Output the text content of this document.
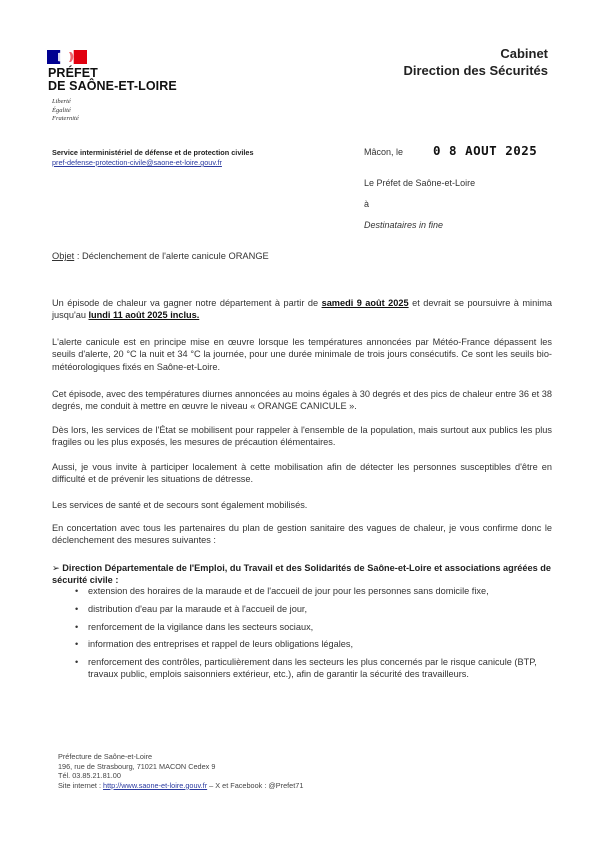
PRÉFET
DE SAÔNE-ET-LOIRE
Liberté
Égalité
Fraternité
Cabinet
Direction des Sécurités
Service interministériel de défense et de protection civiles
pref-defense-protection-civile@saone-et-loire.gouv.fr
Mâcon, le 0 8 AOUT 2025
Le Préfet de Saône-et-Loire
à
Destinataires in fine
Objet : Déclenchement de l'alerte canicule ORANGE
Un épisode de chaleur va gagner notre département à partir de samedi 9 août 2025 et devrait se poursuivre à minima jusqu'au lundi 11 août 2025 inclus.
L'alerte canicule est en principe mise en œuvre lorsque les températures annoncées par Météo-France dépassent les seuils d'alerte, 20 °C la nuit et 34 °C la journée, pour une durée minimale de trois jours consécutifs. Ce sont les seuils bio-météorologiques fixés en Saône-et-Loire.
Cet épisode, avec des températures diurnes annoncées au moins égales à 30 degrés et des pics de chaleur entre 36 et 38 degrés, me conduit à mettre en œuvre le niveau « ORANGE CANICULE ».
Dès lors, les services de l'État se mobilisent pour rappeler à l'ensemble de la population, mais surtout aux publics les plus fragiles ou les plus exposés, les mesures de précaution élémentaires.
Aussi, je vous invite à participer localement à cette mobilisation afin de détecter les personnes susceptibles d'être en difficulté et de prévenir les situations de détresse.
Les services de santé et de secours sont également mobilisés.
En concertation avec tous les partenaires du plan de gestion sanitaire des vagues de chaleur, je vous confirme donc le déclenchement des mesures suivantes :
➢ Direction Départementale de l'Emploi, du Travail et des Solidarités de Saône-et-Loire et associations agréées de sécurité civile :
• extension des horaires de la maraude et de l'accueil de jour pour les personnes sans domicile fixe,
• distribution d'eau par la maraude et à l'accueil de jour,
• renforcement de la vigilance dans les secteurs sociaux,
• information des entreprises et rappel de leurs obligations légales,
• renforcement des contrôles, particulièrement dans les secteurs les plus concernés par le risque canicule (BTP, travaux public, emplois saisonniers extérieur, etc.), afin de garantir la sécurité des travailleurs.
Préfecture de Saône-et-Loire
196, rue de Strasbourg, 71021 MACON Cedex 9
Tél. 03.85.21.81.00
Site internet : http://www.saone-et-loire.gouv.fr – X et Facebook : @Prefet71
